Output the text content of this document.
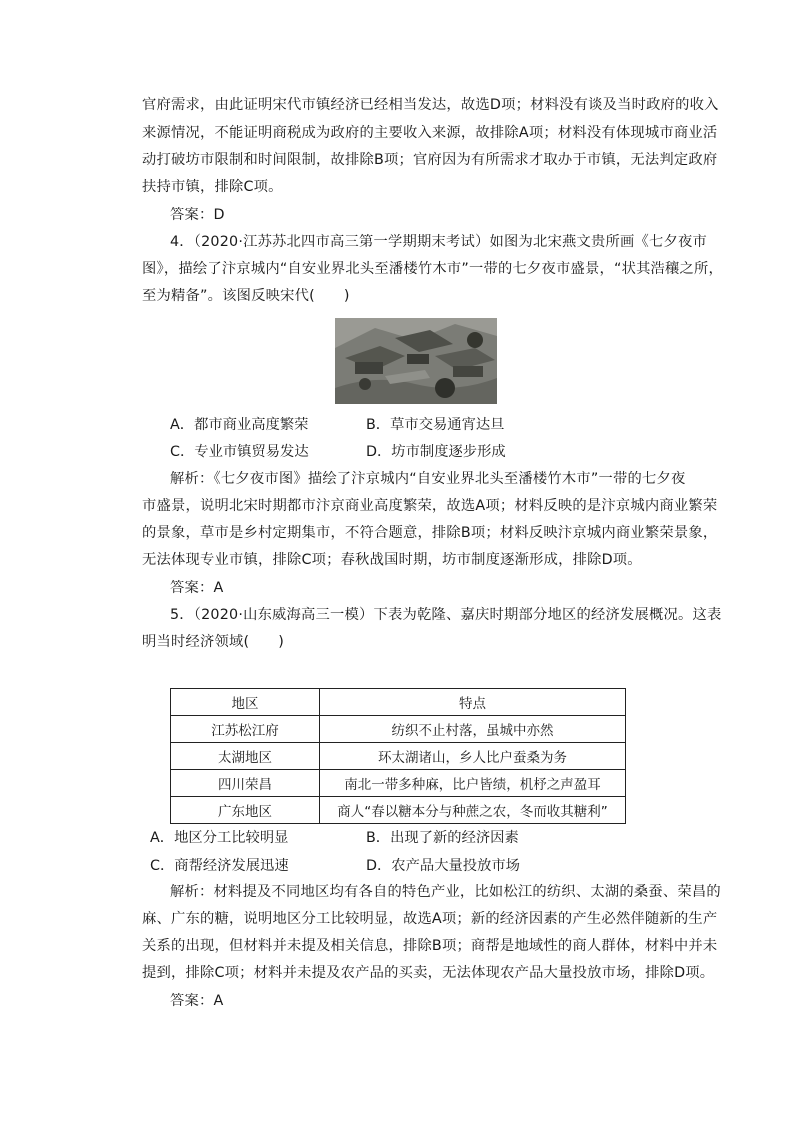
官府需求，由此证明宋代市镇经济已经相当发达，故选D项；材料没有谈及当时政府的收入
来源情况，不能证明商税成为政府的主要收入来源，故排除A项；材料没有体现城市商业活
动打破坊市限制和时间限制，故排除B项；官府因为有所需求才取办于市镇，无法判定政府
扶持市镇，排除C项。
答案：D
4．（2020·江苏苏北四市高三第一学期期末考试）如图为北宋燕文贵所画《七夕夜市
图》，描绘了汴京城内“自安业界北头至潘楼竹木市”一带的七夕夜市盛景，“状其浩穰之所，
至为精备”。该图反映宋代(　　)
A．都市商业高度繁荣	B．草市交易通宵达旦
C．专业市镇贸易发达	D．坊市制度逐步形成
解析：《七夕夜市图》描绘了汴京城内“自安业界北头至潘楼竹木市”一带的七夕夜
市盛景，说明北宋时期都市汴京商业高度繁荣，故选A项；材料反映的是汴京城内商业繁荣
的景象，草市是乡村定期集市，不符合题意，排除B项；材料反映汴京城内商业繁荣景象，
无法体现专业市镇，排除C项；春秋战国时期，坊市制度逐渐形成，排除D项。
答案：A
5．（2020·山东威海高三一模）下表为乾隆、嘉庆时期部分地区的经济发展概况。这表
明当时经济领域(　　)
地区	特点
江苏松江府	纺织不止村落，虽城中亦然
太湖地区	环太湖诸山，乡人比户蚕桑为务
四川荣昌	南北一带多种麻，比户皆绩，机杼之声盈耳
广东地区	商人“春以糖本分与种蔗之农，冬而收其糖利”
A．地区分工比较明显	B．出现了新的经济因素
C．商帮经济发展迅速	D．农产品大量投放市场
解析：材料提及不同地区均有各自的特色产业，比如松江的纺织、太湖的桑蚕、荣昌的
麻、广东的糖，说明地区分工比较明显，故选A项；新的经济因素的产生必然伴随新的生产
关系的出现，但材料并未提及相关信息，排除B项；商帮是地域性的商人群体，材料中并未
提到，排除C项；材料并未提及农产品的买卖，无法体现农产品大量投放市场，排除D项。
答案：A
